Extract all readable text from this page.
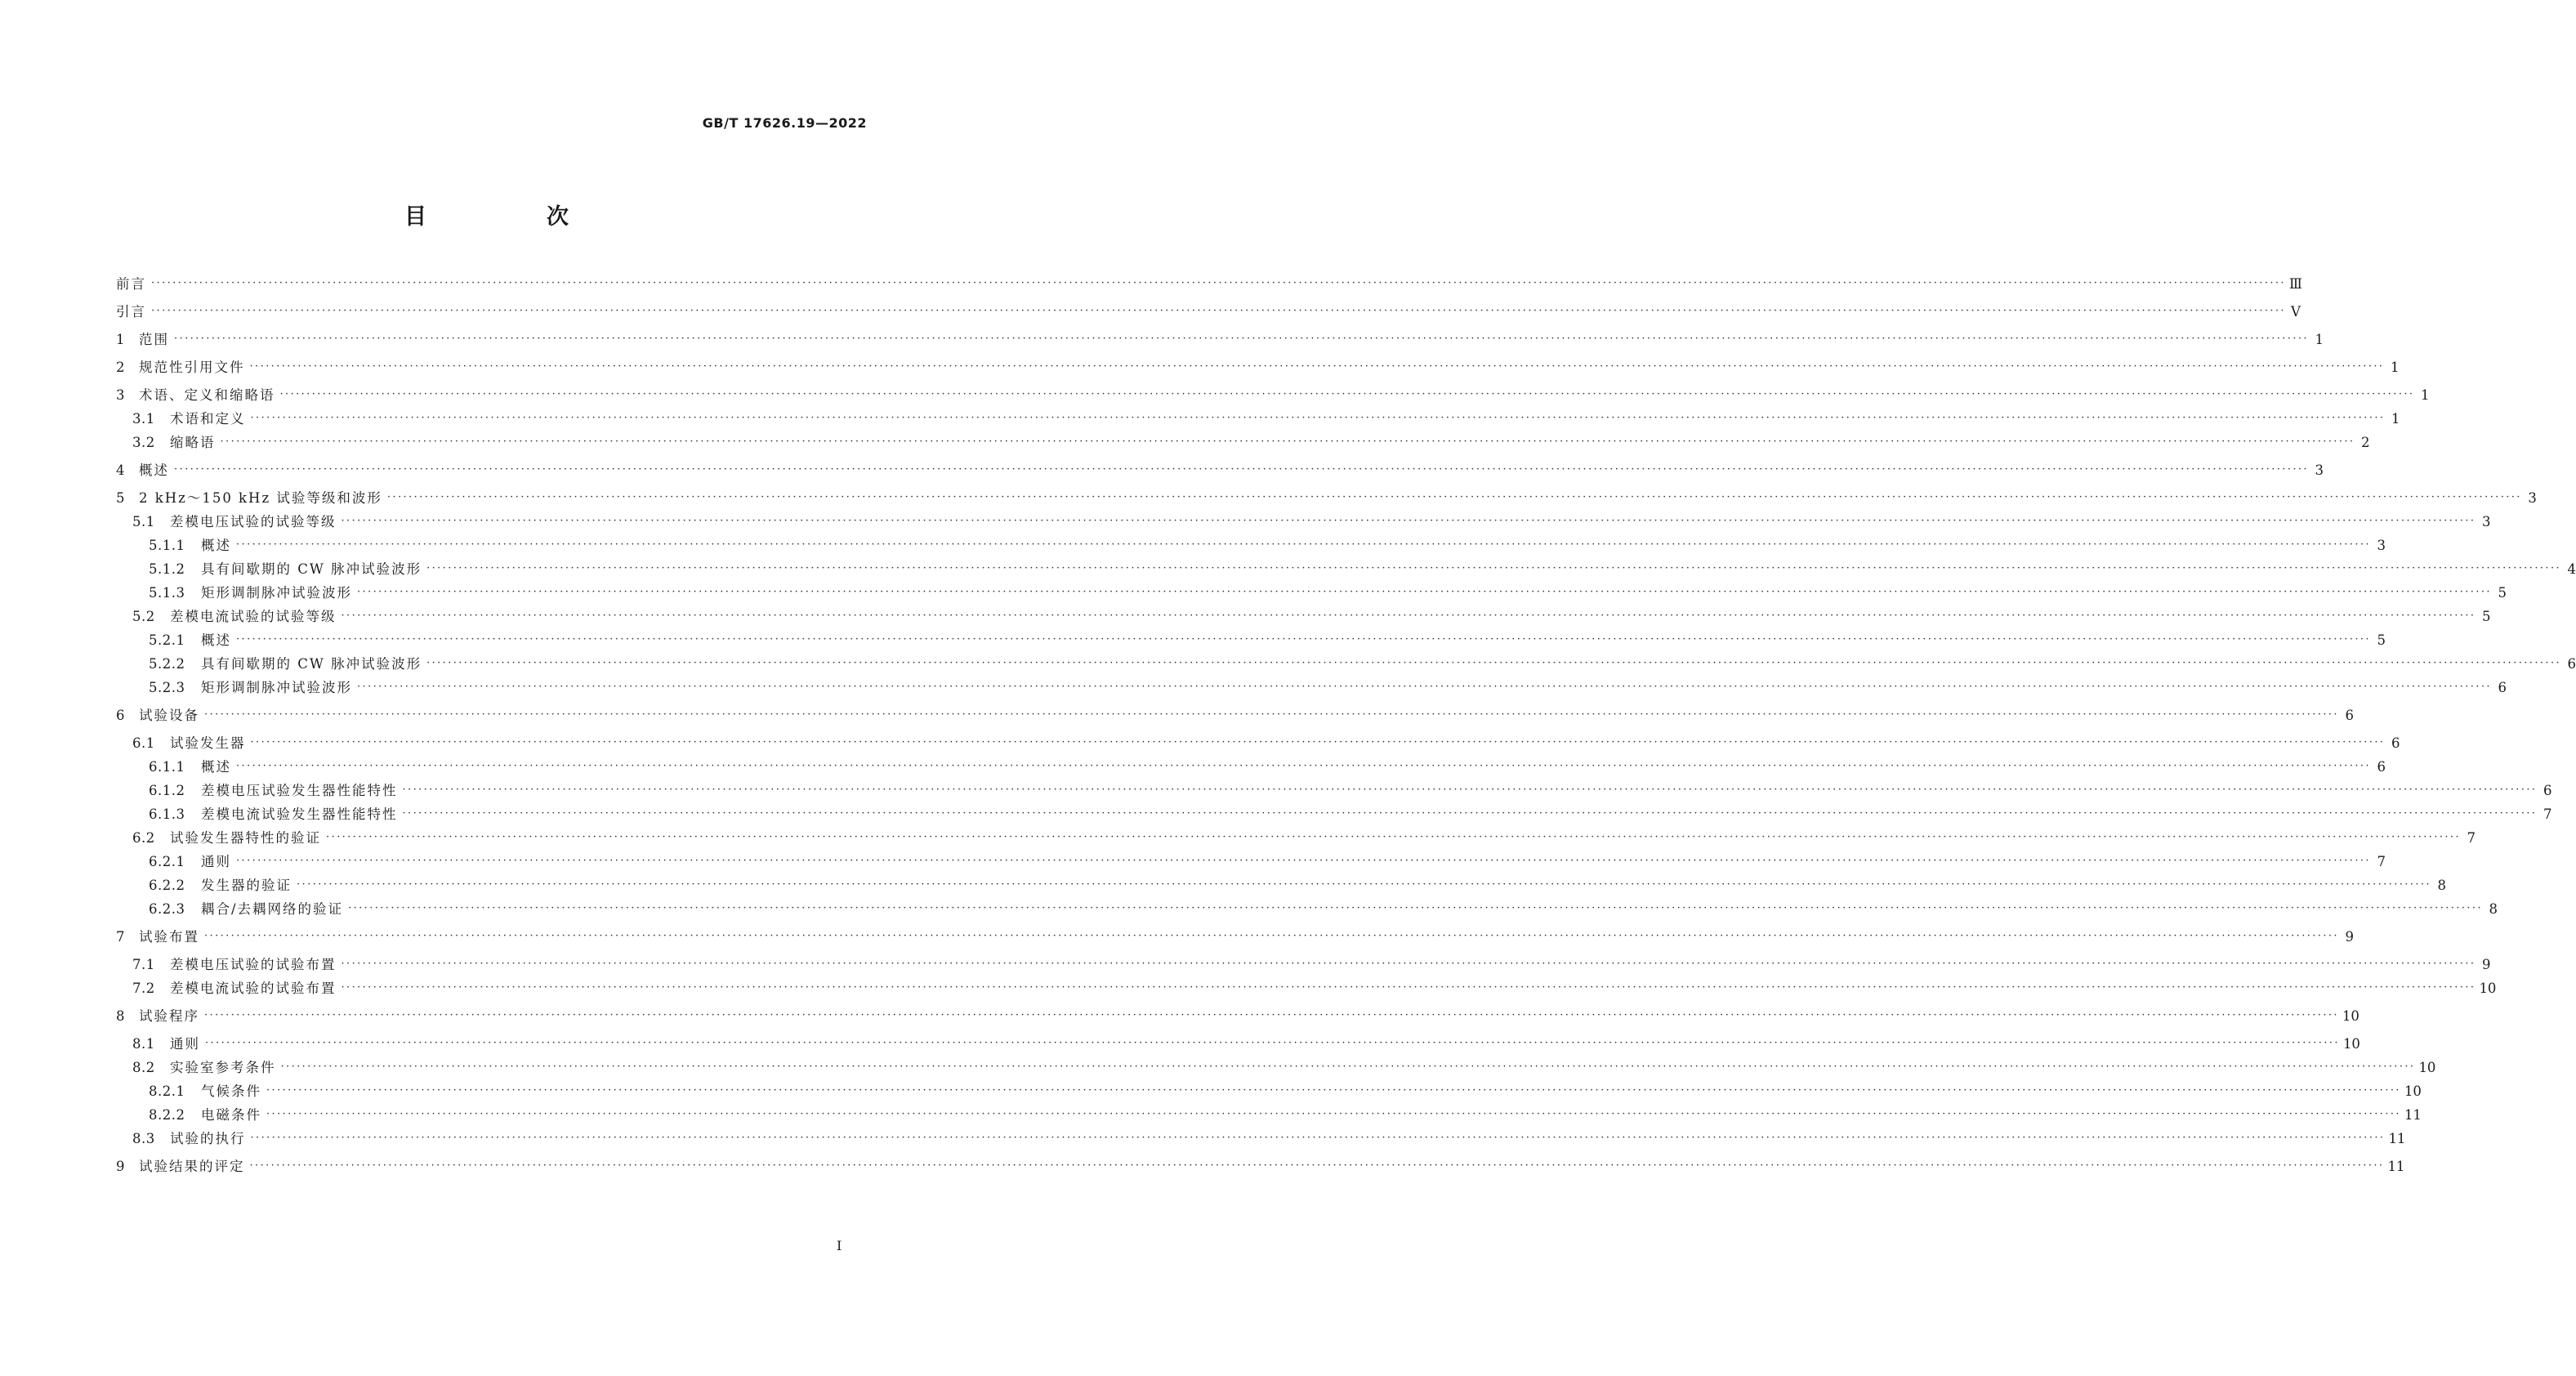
GB/T 17626.19—2022
目　次
前言 ················································································································································································································································································································································································································ Ⅲ
引言 ················································································································································································································································································································································································································ Ⅴ
1	范围 ················································································································································································································································································································································································································ 1
2	规范性引用文件 ················································································································································································································································································································································································································ 1
3	术语、定义和缩略语 ················································································································································································································································································································································································································ 1
3.1	术语和定义 ················································································································································································································································································································································································································ 1
3.2	缩略语 ················································································································································································································································································································································································································ 2
4	概述 ················································································································································································································································································································································································································ 3
5	2 kHz～150 kHz 试验等级和波形 ················································································································································································································································································································································································································ 3
5.1	差模电压试验的试验等级 ················································································································································································································································································································································································································ 3
5.1.1	概述 ················································································································································································································································································································································································································ 3
5.1.2	具有间歇期的 CW 脉冲试验波形 ················································································································································································································································································································································································································ 4
5.1.3	矩形调制脉冲试验波形 ················································································································································································································································································································································································································ 5
5.2	差模电流试验的试验等级 ················································································································································································································································································································································································································ 5
5.2.1	概述 ················································································································································································································································································································································································································ 5
5.2.2	具有间歇期的 CW 脉冲试验波形 ················································································································································································································································································································································································································ 6
5.2.3	矩形调制脉冲试验波形 ················································································································································································································································································································································································································ 6
6	试验设备 ················································································································································································································································································································································································································ 6
6.1	试验发生器 ················································································································································································································································································································································································································ 6
6.1.1	概述 ················································································································································································································································································································································································································ 6
6.1.2	差模电压试验发生器性能特性 ················································································································································································································································································································································································································ 6
6.1.3	差模电流试验发生器性能特性 ················································································································································································································································································································································································································ 7
6.2	试验发生器特性的验证 ················································································································································································································································································································································································································ 7
6.2.1	通则 ················································································································································································································································································································································································································ 7
6.2.2	发生器的验证 ················································································································································································································································································································································································································ 8
6.2.3	耦合/去耦网络的验证 ················································································································································································································································································································································································································ 8
7	试验布置 ················································································································································································································································································································································································································ 9
7.1	差模电压试验的试验布置 ················································································································································································································································································································································································································ 9
7.2	差模电流试验的试验布置 ················································································································································································································································································································································································································ 10
8	试验程序 ················································································································································································································································································································································································································ 10
8.1	通则 ················································································································································································································································································································································································································ 10
8.2	实验室参考条件 ················································································································································································································································································································································································································ 10
8.2.1	气候条件 ················································································································································································································································································································································································································ 10
8.2.2	电磁条件 ················································································································································································································································································································································································································ 11
8.3	试验的执行 ················································································································································································································································································································································································································ 11
9	试验结果的评定 ················································································································································································································································································································································································································ 11
I
